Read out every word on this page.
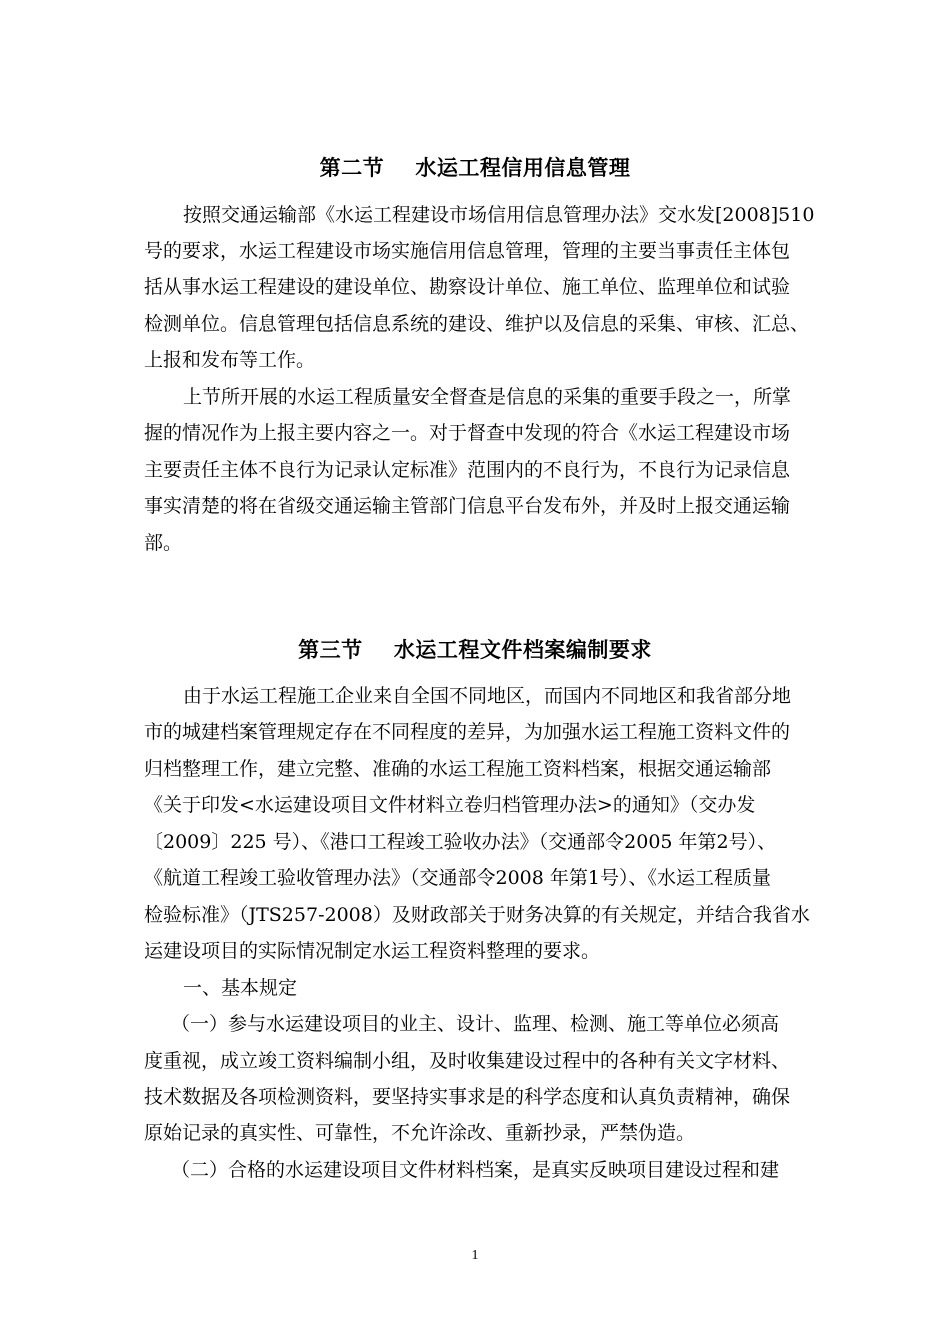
第二节    水运工程信用信息管理
按照交通运输部《水运工程建设市场信用信息管理办法》交水发[2008]510
号的要求，水运工程建设市场实施信用信息管理，管理的主要当事责任主体包
括从事水运工程建设的建设单位、勘察设计单位、施工单位、监理单位和试验
检测单位。信息管理包括信息系统的建设、维护以及信息的采集、审核、汇总、
上报和发布等工作。
上节所开展的水运工程质量安全督查是信息的采集的重要手段之一，所掌
握的情况作为上报主要内容之一。对于督查中发现的符合《水运工程建设市场
主要责任主体不良行为记录认定标准》范围内的不良行为，不良行为记录信息
事实清楚的将在省级交通运输主管部门信息平台发布外，并及时上报交通运输
部。
第三节    水运工程文件档案编制要求
由于水运工程施工企业来自全国不同地区，而国内不同地区和我省部分地
市的城建档案管理规定存在不同程度的差异，为加强水运工程施工资料文件的
归档整理工作，建立完整、准确的水运工程施工资料档案，根据交通运输部
《关于印发<水运建设项目文件材料立卷归档管理办法>的通知》（交办发
〔2009〕225 号）、《港口工程竣工验收办法》（交通部令2005 年第2号）、
《航道工程竣工验收管理办法》（交通部令2008 年第1号）、《水运工程质量
检验标准》（JTS257-2008）及财政部关于财务决算的有关规定，并结合我省水
运建设项目的实际情况制定水运工程资料整理的要求。
一、基本规定
（一）参与水运建设项目的业主、设计、监理、检测、施工等单位必须高
度重视，成立竣工资料编制小组，及时收集建设过程中的各种有关文字材料、
技术数据及各项检测资料，要坚持实事求是的科学态度和认真负责精神，确保
原始记录的真实性、可靠性，不允许涂改、重新抄录，严禁伪造。
（二）合格的水运建设项目文件材料档案，是真实反映项目建设过程和建
1
